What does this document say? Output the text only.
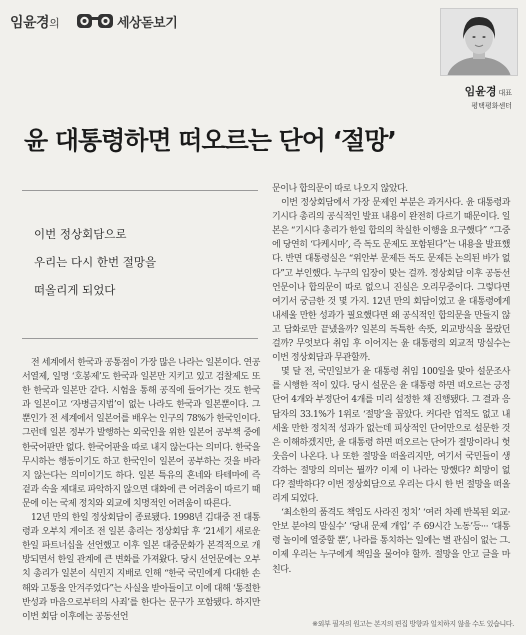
임윤경의	세상돋보기
임윤경 대표
평택평화센터
윤 대통령하면 떠오르는 단어 ‘절망’
이번 정상회담으로
우리는 다시 한번 절망을
떠올리게 되었다

전 세계에서 한국과 공통점이 가장 많은 나라는 일본이다. 연공서열제, 일명 ‘호봉제’도 한국과 일본만 지키고 있고 검찰제도 또한 한국과 일본만 같다. 시험을 통해 공직에 들어가는 것도 한국과 일본이고 ‘자병금지법’이 없는 나라도 한국과 일본뿐이다. 그뿐인가 전 세계에서 일본어를 배우는 인구의 78%가 한국인이다. 그런데 일본 정부가 발행하는 외국인을 위한 일본어 공부책 중에 한국어판만 없다. 한국어판을 따로 내지 않는다는 의미다. 한국을 무시하는 행동이기도 하고 한국인이 일본어 공부하는 것을 바라지 않는다는 의미이기도 하다. 일본 특유의 혼네와 타테마에 즉 겉과 속을 제대로 파악하지 않으면 대화에 큰 어려움이 따르기 때문에 이는 국제 정치와 외교에 치명적인 어려움이 따른다.

12년 만의 한일 정상회담이 종료됐다. 1998년 김대중 전 대통령과 오부치 게이조 전 일본 총리는 정상회담 후 ‘21세기 새로운 한일 파트너십을 선언했고 이후 일본 대중문화가 본격적으로 개방되면서 한일 관계에 큰 변화를 가져왔다. 당시 선언문에는 오부치 총리가 일본이 식민지 지배로 인해 “한국 국민에게 다대한 손해와 고통을 안겨주었다”는 사실을 받아들이고 이에 대해 ‘통절한 반성과 마음으로부터의 사죄’를 한다는 문구가 포함됐다. 하지만 이번 회담 이후에는 공동선언

문이나 합의문이 따로 나오지 않았다.

이번 정상회담에서 가장 문제인 부분은 과거사다. 윤 대통령과 기시다 총리의 공식적인 발표 내용이 완전히 다르기 때문이다. 일본은 “기시다 총리가 한일 합의의 착실한 이행을 요구했다” “그중에 당연히 ‘다케시마’, 즉 독도 문제도 포함된다”는 내용을 발표했다. 반면 대통령실은 “위안부 문제든 독도 문제든 논의된 바가 없다”고 부인했다. 누구의 입장이 맞는 걸까. 정상회담 이후 공동선언문이나 합의문이 따로 없으니 진실은 오리무중이다. 그렇다면 여기서 궁금한 것 몇 가지. 12년 만의 회담이었고 윤 대통령에게 내세울 만한 성과가 필요했다면 왜 공식적인 합의문을 만들지 않고 담화로만 끝냈을까? 일본의 독특한 속뜻, 외교방식을 몰랐던 걸까? 무엇보다 취임 후 이어지는 윤 대통령의 외교적 망실수는 이번 정상회담과 무관할까.

몇 달 전, 국민일보가 윤 대통령 취임 100일을 맞아 설문조사를 시행한 적이 있다. 당시 설문은 윤 대통령 하면 떠오르는 긍정단어 4개와 부정단어 4개를 미리 설정한 채 진행됐다. 그 결과 응답자의 33.1%가 1위로 ‘절망’을 꼽았다. 커다란 업적도 없고 내세울 만한 정치적 성과가 없는데 피상적인 단어만으로 설문한 것은 이해하겠지만, 윤 대통령 하면 떠오르는 단어가 절망이라니 헛웃음이 나온다. 나 또한 절망을 떠올리지만, 여기서 국민들이 생각하는 절망의 의미는 뭘까? 이제 이 나라는 망했다? 희망이 없다? 절박하다? 이번 정상회담으로 우리는 다시 한 번 절망을 떠올리게 되었다.

‘최소한의 품격도 책임도 사라진 정치’ ‘여러 차례 반복된 외교·안보 분야의 말실수’ ‘당내 문제 개입’ 주 69시간 노동’등··· ‘대통령 놀이에 열중할 뿐’, 나라를 통치하는 일에는 별 관심이 없는 그. 이제 우리는 누구에게 책임을 물어야 할까. 절망을 안고 글을 마친다.

※외부 필자의 원고는 본지의 편집 방향과 일치하지 않을 수도 있습니다.
